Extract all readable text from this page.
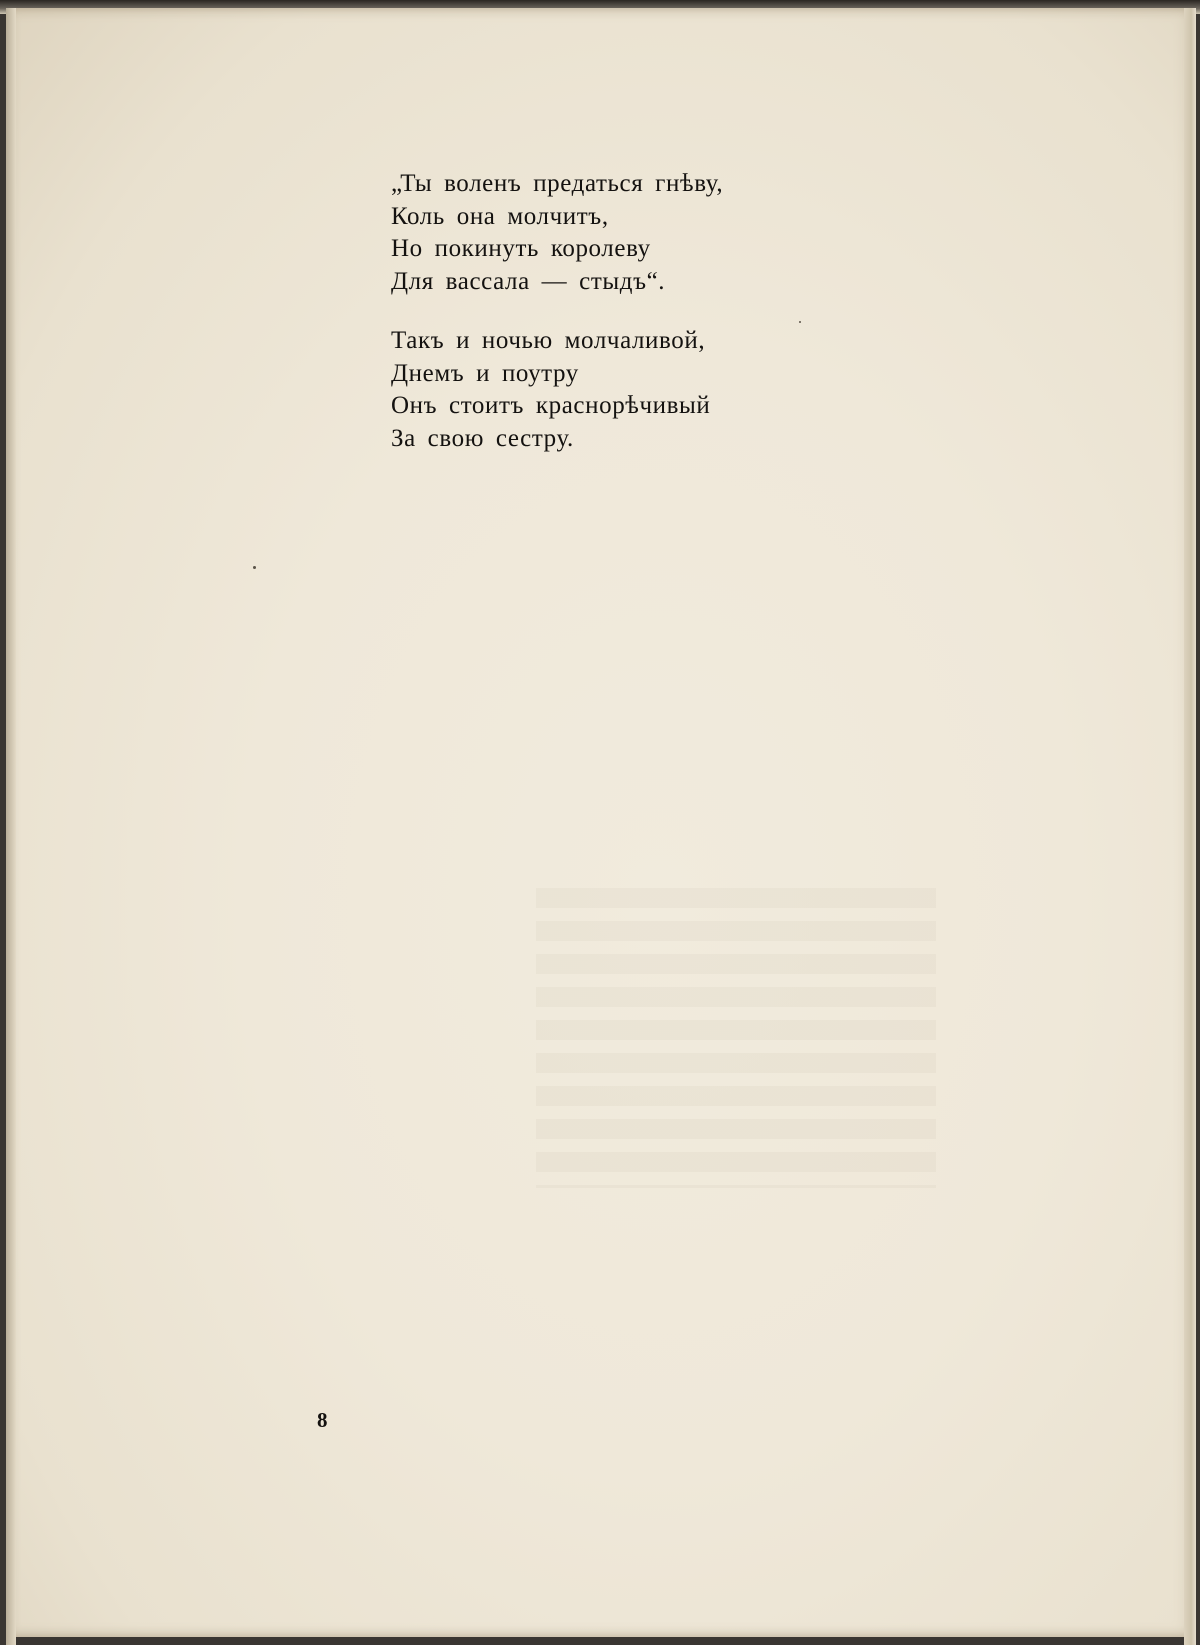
„Ты воленъ предаться гнѣву,
Коль она молчитъ,
Но покинуть королеву
Для вассала — стыдъ“.
Такъ и ночью молчаливой,
Днемъ и поутру
Онъ стоитъ краснорѣчивый
За свою сестру.
8
